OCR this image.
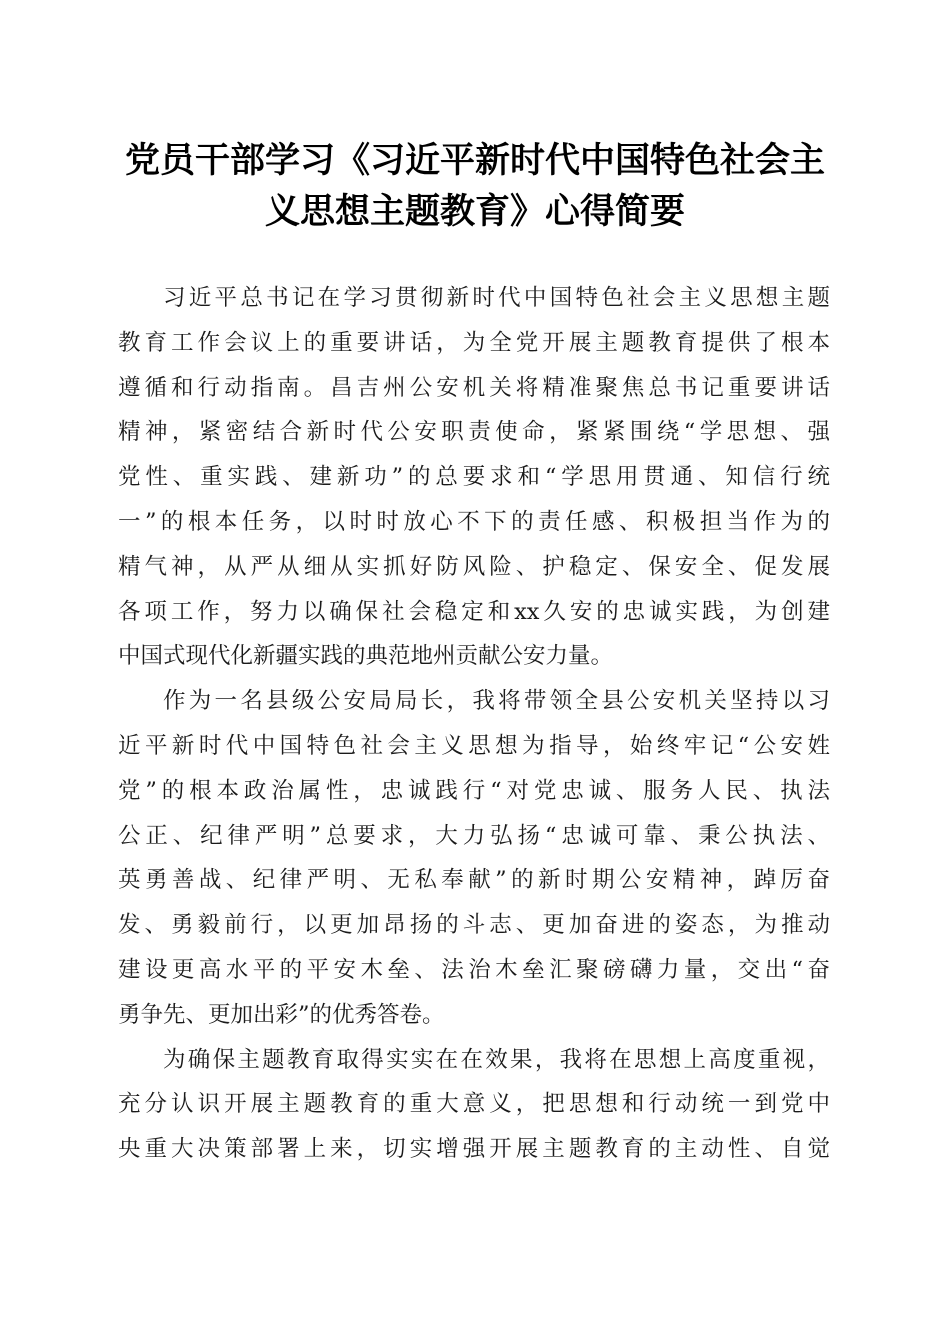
党员干部学习《习近平新时代中国特色社会主
义思想主题教育》心得简要
习近平总书记在学习贯彻新时代中国特色社会主义思想主题
教育工作会议上的重要讲话，为全党开展主题教育提供了根本
遵循和行动指南。昌吉州公安机关将精准聚焦总书记重要讲话
精神，紧密结合新时代公安职责使命，紧紧围绕“学思想、强
党性、重实践、建新功”的总要求和“学思用贯通、知信行统
一”的根本任务，以时时放心不下的责任感、积极担当作为的
精气神，从严从细从实抓好防风险、护稳定、保安全、促发展
各项工作，努力以确保社会稳定和xx久安的忠诚实践，为创建
中国式现代化新疆实践的典范地州贡献公安力量。
作为一名县级公安局局长，我将带领全县公安机关坚持以习
近平新时代中国特色社会主义思想为指导，始终牢记“公安姓
党”的根本政治属性，忠诚践行“对党忠诚、服务人民、执法
公正、纪律严明”总要求，大力弘扬“忠诚可靠、秉公执法、
英勇善战、纪律严明、无私奉献”的新时期公安精神，踔厉奋
发、勇毅前行，以更加昂扬的斗志、更加奋进的姿态，为推动
建设更高水平的平安木垒、法治木垒汇聚磅礴力量，交出“奋
勇争先、更加出彩”的优秀答卷。
为确保主题教育取得实实在在效果，我将在思想上高度重视，
充分认识开展主题教育的重大意义，把思想和行动统一到党中
央重大决策部署上来，切实增强开展主题教育的主动性、自觉
